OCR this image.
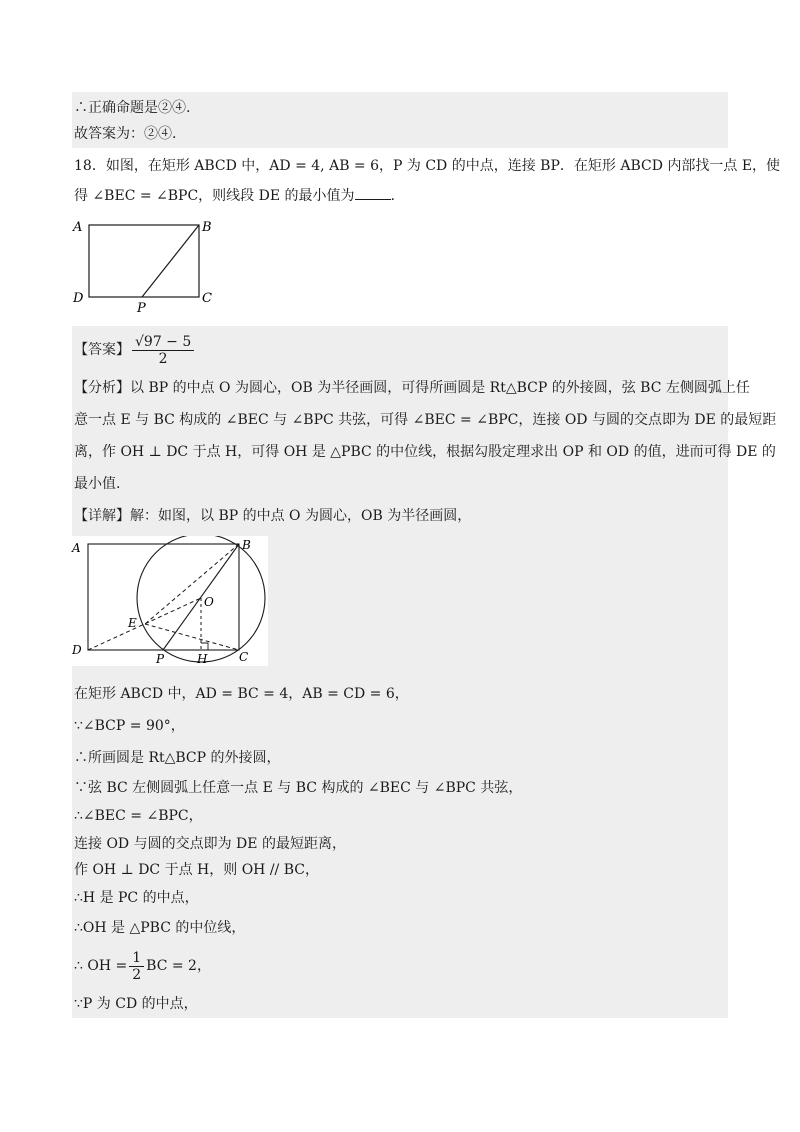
∴正确命题是②④.
故答案为：②④.
18．如图，在矩形 ABCD 中，AD = 4, AB = 6，P 为 CD 的中点，连接 BP．在矩形 ABCD 内部找一点 E，使
得 ∠BEC = ∠BPC，则线段 DE 的最小值为	.
A	B
D
P
C
【答案】 $\frac{√97 - 5}{2}$
【分析】以 BP 的中点 O 为圆心，OB 为半径画圆，可得所画圆是 Rt△BCP 的外接圆，弦 BC 左侧圆弧上任
意一点 E 与 BC 构成的 ∠BEC 与 ∠BPC 共弦，可得 ∠BEC = ∠BPC，连接 OD 与圆的交点即为 DE 的最短距
离，作 OH ⊥ DC 于点 H，可得 OH 是 △PBC 的中位线，根据勾股定理求出 OP 和 OD 的值，进而可得 DE 的
最小值.
【详解】解：如图，以 BP 的中点 O 为圆心，OB 为半径画圆，
A	B
O
E
D
P	H	C
在矩形 ABCD 中，AD = BC = 4，AB = CD = 6，
∵∠BCP = 90°，
∴所画圆是 Rt△BCP 的外接圆，
∵弦 BC 左侧圆弧上任意一点 E 与 BC 构成的 ∠BEC 与 ∠BPC 共弦，
∴∠BEC = ∠BPC，
连接 OD 与圆的交点即为 DE 的最短距离，
作 OH ⊥ DC 于点 H，则 OH // BC，
∴H 是 PC 的中点，
∴OH 是 △PBC 的中位线，
∴ OH = $\frac{1}{2}$ BC = 2，
∵P 为 CD 的中点，
